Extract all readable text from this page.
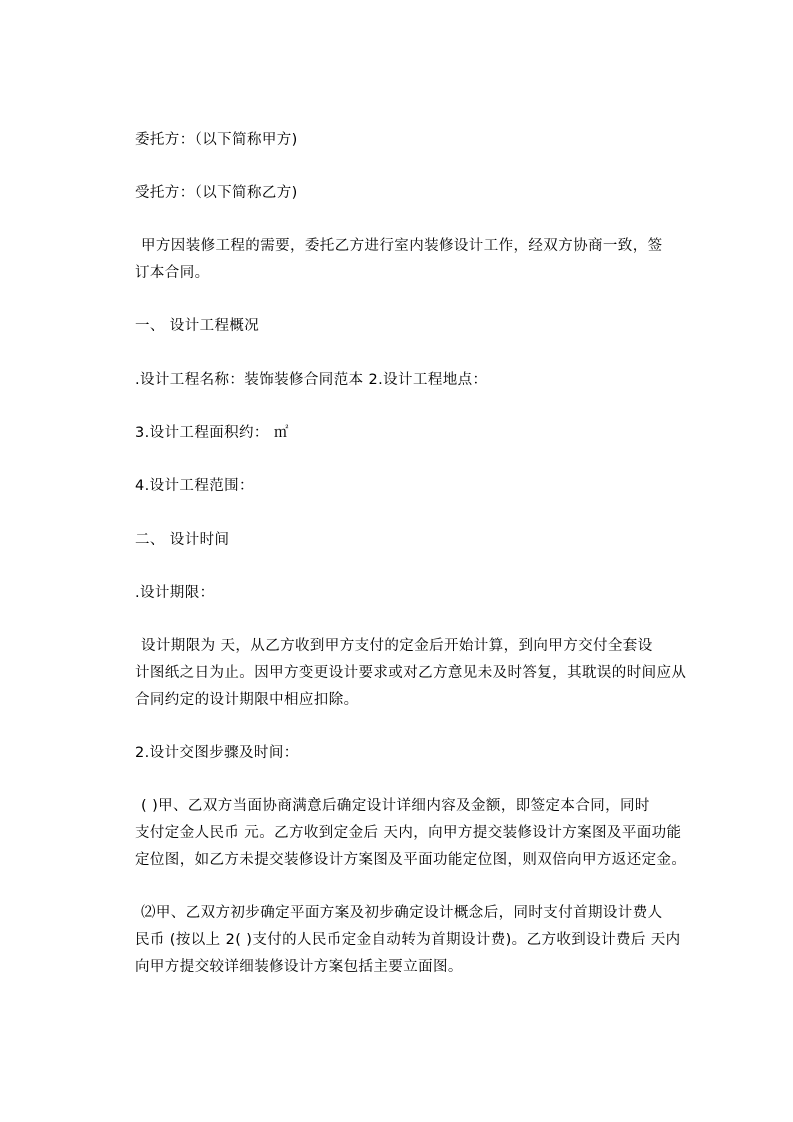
委托方：（以下简称甲方)
受托方：（以下简称乙方)
甲方因装修工程的需要，委托乙方进行室内装修设计工作，经双方协商一致，签
订本合同。
一、 设计工程概况
.设计工程名称：装饰装修合同范本 2.设计工程地点：
3.设计工程面积约： ㎡
4.设计工程范围：
二、 设计时间
.设计期限：
设计期限为 天，从乙方收到甲方支付的定金后开始计算，到向甲方交付全套设
计图纸之日为止。因甲方变更设计要求或对乙方意见未及时答复，其耽误的时间应从
合同约定的设计期限中相应扣除。
2.设计交图步骤及时间：
( )甲、乙双方当面协商满意后确定设计详细内容及金额，即签定本合同，同时
支付定金人民币 元。乙方收到定金后 天内，向甲方提交装修设计方案图及平面功能
定位图，如乙方未提交装修设计方案图及平面功能定位图，则双倍向甲方返还定金。
⑵甲、乙双方初步确定平面方案及初步确定设计概念后，同时支付首期设计费人
民币 (按以上 2( )支付的人民币定金自动转为首期设计费)。乙方收到设计费后 天内
向甲方提交较详细装修设计方案包括主要立面图。
